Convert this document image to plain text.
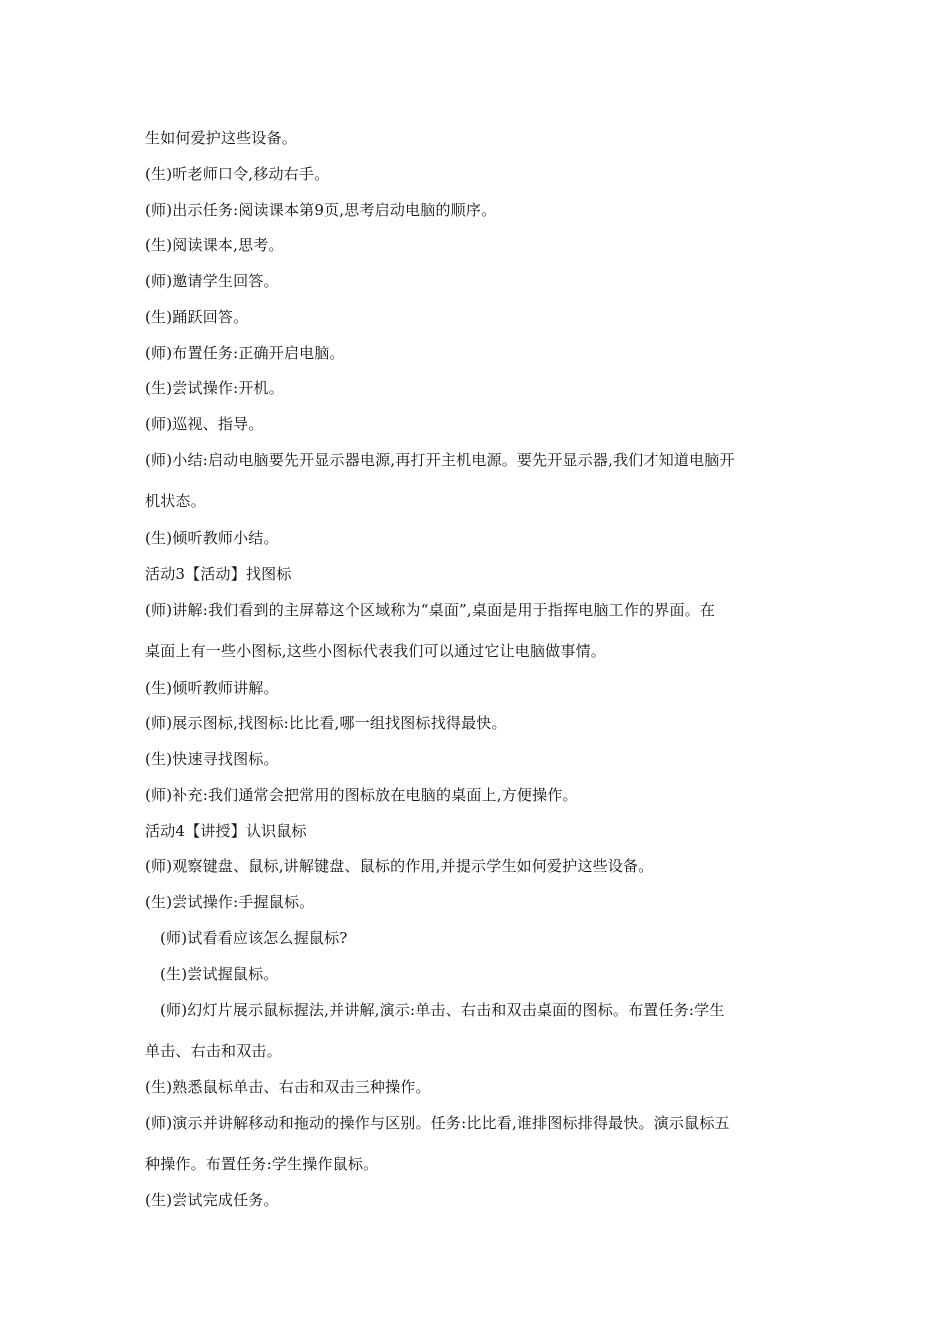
生如何爱护这些设备。
(生)听老师口令,移动右手。
(师)出示任务:阅读课本第9页,思考启动电脑的顺序。
(生)阅读课本,思考。
(师)邀请学生回答。
(生)踊跃回答。
(师)布置任务:正确开启电脑。
(生)尝试操作:开机。
(师)巡视、指导。
(师)小结:启动电脑要先开显示器电源,再打开主机电源。要先开显示器,我们才知道电脑开
机状态。
(生)倾听教师小结。
活动3【活动】找图标
(师)讲解:我们看到的主屏幕这个区域称为“桌面”,桌面是用于指挥电脑工作的界面。在
桌面上有一些小图标,这些小图标代表我们可以通过它让电脑做事情。
(生)倾听教师讲解。
(师)展示图标,找图标:比比看,哪一组找图标找得最快。
(生)快速寻找图标。
(师)补充:我们通常会把常用的图标放在电脑的桌面上,方便操作。
活动4【讲授】认识鼠标
(师)观察键盘、鼠标,讲解键盘、鼠标的作用,并提示学生如何爱护这些设备。
(生)尝试操作:手握鼠标。
(师)试看看应该怎么握鼠标?
(生)尝试握鼠标。
(师)幻灯片展示鼠标握法,并讲解,演示:单击、右击和双击桌面的图标。布置任务:学生
单击、右击和双击。
(生)熟悉鼠标单击、右击和双击三种操作。
(师)演示并讲解移动和拖动的操作与区别。任务:比比看,谁排图标排得最快。演示鼠标五
种操作。布置任务:学生操作鼠标。
(生)尝试完成任务。
